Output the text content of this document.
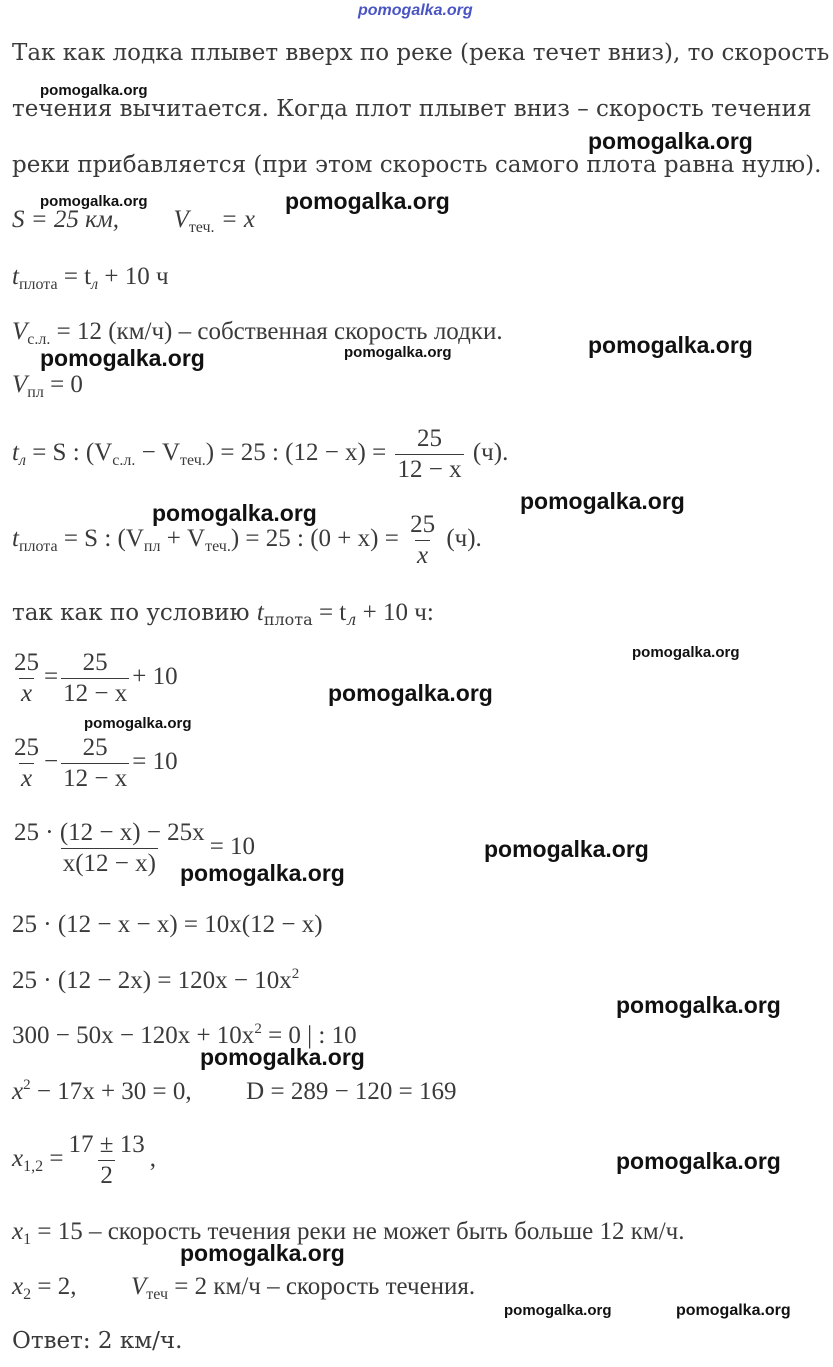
pomogalka.org
Так как лодка плывет вверх по реке (река течет вниз), то скорость
течения вычитается. Когда плот плывет вниз – скорость течения
реки прибавляется (при этом скорость самого плота равна нулю).
S = 25 км, $V_{теч.} = x$
$t_{плота} = t_л + 10$ ч
$V_{с.л.} = 12$ (км/ч) – собственная скорость лодки.
$V_{пл} = 0$
$t_л = S$ : $(V_{с.л.} - V_{теч.}) = 25$ : $(12 - x) = \frac{25}{12 - x} (ч)$.
$t_{плота} = S$ : $(V_{пл} + V_{теч.}) = 25$ : $(0 + x) = \frac{25}{x} (ч)$.
так как по условию $t_{плота} = t_л + 10$ ч:
$\frac{25}{x} = \frac{25}{12 - x} + 10$
$\frac{25}{x} - \frac{25}{12 - x} = 10$
$\frac{25 \cdot (12 - x) - 25x}{x(12 - x)} = 10$
25 · (12 − x − x) = 10x(12 − x)
$25 \cdot (12 - 2x) = 120x - 10x^2$
$300 - 50x - 120x + 10x^2 = 0$ | : 10
$x^2 - 17x + 30 = 0$, D = 289 − 120 = 169
$x_{1,2} = \frac{17 \pm 13}{2}$ ,
$x_1 = 15$ – скорость течения реки не может быть больше 12 км/ч.
$x_2 = 2$, $V_{теч} = 2$ км/ч – скорость течения.
Ответ: 2 км/ч.
pomogalka.org
pomogalka.org
pomogalka.org	pomogalka.org
pomogalka.org	pomogalka.org	pomogalka.org
pomogalka.org
pomogalka.org
pomogalka.org
pomogalka.org
pomogalka.org
pomogalka.org
pomogalka.org
pomogalka.org
pomogalka.org
pomogalka.org
pomogalka.org
pomogalka.org	pomogalka.org
